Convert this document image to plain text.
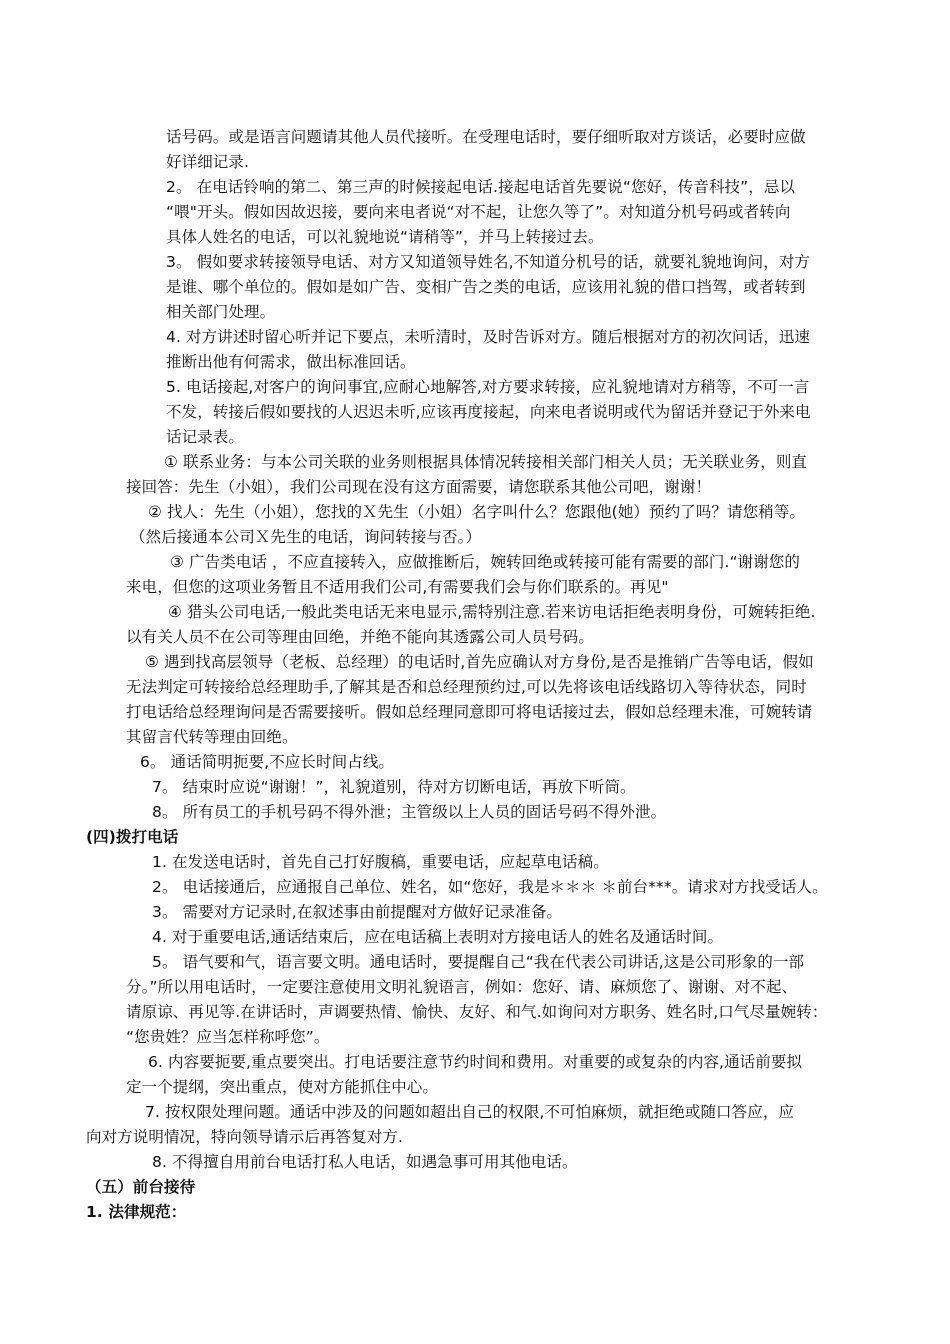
话号码。或是语言问题请其他人员代接听。在受理电话时，要仔细听取对方谈话，必要时应做
好详细记录.
2。 在电话铃响的第二、第三声的时候接起电话.接起电话首先要说“您好，传音科技”，忌以
“喂"开头。假如因故迟接，要向来电者说“对不起，让您久等了”。对知道分机号码或者转向
具体人姓名的电话，可以礼貌地说“请稍等”，并马上转接过去。
3。 假如要求转接领导电话、对方又知道领导姓名,不知道分机号的话，就要礼貌地询问，对方
是谁、哪个单位的。假如是如广告、变相广告之类的电话，应该用礼貌的借口挡驾，或者转到
相关部门处理。
4. 对方讲述时留心听并记下要点，未听清时，及时告诉对方。随后根据对方的初次问话，迅速
推断出他有何需求，做出标准回话。
5. 电话接起,对客户的询问事宜,应耐心地解答,对方要求转接，应礼貌地请对方稍等，不可一言
不发，转接后假如要找的人迟迟未听,应该再度接起，向来电者说明或代为留话并登记于外来电
话记录表。
① 联系业务：与本公司关联的业务则根据具体情况转接相关部门相关人员；无关联业务，则直
接回答：先生（小姐），我们公司现在没有这方面需要，请您联系其他公司吧，谢谢！
② 找人：先生（小姐），您找的Ｘ先生（小姐）名字叫什么？您跟他(她）预约了吗？请您稍等。
（然后接通本公司Ｘ先生的电话，询问转接与否。）
③ 广告类电话 ，不应直接转入，应做推断后，婉转回绝或转接可能有需要的部门.“谢谢您的
来电，但您的这项业务暂且不适用我们公司,有需要我们会与你们联系的。再见"
④ 猎头公司电话,一般此类电话无来电显示,需特别注意.若来访电话拒绝表明身份，可婉转拒绝.
以有关人员不在公司等理由回绝，并绝不能向其透露公司人员号码。
⑤ 遇到找高层领导（老板、总经理）的电话时,首先应确认对方身份,是否是推销广告等电话，假如
无法判定可转接给总经理助手,了解其是否和总经理预约过,可以先将该电话线路切入等待状态，同时
打电话给总经理询问是否需要接听。假如总经理同意即可将电话接过去，假如总经理未准，可婉转请
其留言代转等理由回绝。
6。 通话简明扼要,不应长时间占线。
7。 结束时应说“谢谢！”，礼貌道别，待对方切断电话，再放下听筒。
8。 所有员工的手机号码不得外泄；主管级以上人员的固话号码不得外泄。
(四)拨打电话
1. 在发送电话时，首先自己打好腹稿，重要电话，应起草电话稿。
2。 电话接通后，应通报自己单位、姓名，如“您好，我是＊＊＊ ＊前台***。请求对方找受话人。
3。 需要对方记录时,在叙述事由前提醒对方做好记录准备。
4. 对于重要电话,通话结束后，应在电话稿上表明对方接电话人的姓名及通话时间。
5。 语气要和气，语言要文明。通电话时，要提醒自己“我在代表公司讲话,这是公司形象的一部
分。”所以用电话时，一定要注意使用文明礼貌语言，例如：您好、请、麻烦您了、谢谢、对不起、
请原谅、再见等.在讲话时，声调要热情、愉快、友好、和气.如询问对方职务、姓名时,口气尽量婉转：
“您贵姓？应当怎样称呼您”。
6. 内容要扼要,重点要突出。打电话要注意节约时间和费用。对重要的或复杂的内容,通话前要拟
定一个提纲，突出重点，使对方能抓住中心。
7. 按权限处理问题。通话中涉及的问题如超出自己的权限,不可怕麻烦，就拒绝或随口答应，应
向对方说明情况，特向领导请示后再答复对方.
8. 不得擅自用前台电话打私人电话，如遇急事可用其他电话。
（五）前台接待
1. 法律规范：
